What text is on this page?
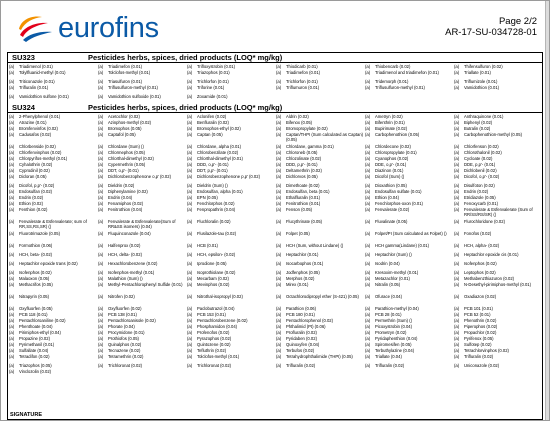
eurofins	Page 2/2
AR-17-SU-034728-01
SU323	Pesticides herbs, spices, dried products (LOQ* mg/kg)
(a)	Triadimenol (0.01)	(a)	Triadimefon (0.01)	(a)	Trifloxystrobin (0.01)	(a)	Thiodicarb (0.01)	(a)	Thiobencarb (0.02)	(a)	Thifensulfuron (0.02)
(a)	Tolylfluanid-methyl (0.01)	(a)	Tolclofos-methyl (0.01)	(a)	Triazophos (0.01)	(a)	Triadimefon (0.01)	(a)	Triadimenol and triadimefon (0.01)	(a)	Triallate (0.01)
(a)	Triticonazole (0.01)	(a)	Triasulfuron (0.01)	(a)	Trichlorfon (0.01)	(a)	Trichlorfon (0.01)	(a)	Tridemorph (0.01)	(a)	Triflumizole (0.01)
(a)	Trifluralin (0.01)	(a)	Triflusulfuron-methyl (0.01)	(a)	Triforine (0.01)	(a)	Triflumuron (0.01)	(a)	Triflusulfuron-methyl (0.01)	(a)	Vamidothion (0.01)
(a)	Vamidothion sulfone (0.01)	(a)	Vamidothion sulfoxide (0.01)	(a)	Zoxamide (0.01)
SU324	Pesticides herbs, spices, dried products (LOQ* mg/kg)
(a)	2-Phenylphenol (0.01)	(a)	Acetochlor (0.02)	(a)	Aclonifen (0.02)	(a)	Aldrin (0.02)	(a)	Ametryn (0.02)	(a)	Anthraquinone (0.01)
(a)	Atrazine (0.01)	(a)	Azinphos-methyl (0.02)	(a)	Benfluralin (0.02)	(a)	Bifenox (0.05)	(a)	Bifenthrin (0.01)	(a)	Biphenyl (0.02)
(a)	Bromfenvinfos (0.02)	(a)	Bromophos (0.05)	(a)	Bromophos-ethyl (0.02)	(a)	Bromopropylate (0.02)	(a)	Bupirimate (0.02)	(a)	Butralin (0.02)
(a)	Cadusafos (0.02)	(a)	Captafol (0.05)	(a)	Captan (0.05)	(a)	Captan/THPI (Sum calculated as Captan) (0.05)
(a)	Carbophenothion (0.05)	(a)	Carbophenothion-methyl (0.05)
(a)	Chlorbenside (0.02)	(a)	Chlordane (Sum) ()	(a)	Chlordane, alpha (0.01)	(a)	Chlordane, gamma (0.01)	(a)	Chlordecone (0.02)	(a)	Chlorfenson (0.02)
(a)	Chlorfenvinphos (0.02)	(a)	Chlormephos (0.05)	(a)	Chlorobenzilate (0.02)	(a)	Chloroneb (0.05)	(a)	Chloropropylate (0.01)	(a)	Chlorothalonil (0.02)
(a)	Chlorpyrifos-methyl (0.01)	(a)	Chlorthal-dimethyl (0.02)	(a)	Chlorthal-dimethyl (0.01)	(a)	Chlozolinate (0.02)	(a)	Cyanophos (0.02)	(a)	Cycloate (0.02)
(a)	Cyhalothrin (0.02)	(a)	Cypermethrin (0.05)	(a)	DDD, o,p'- (0.01)	(a)	DDD, p,p'- (0.01)	(a)	DDE, o,p'- (0.01)	(a)	DDE, p,p'- (0.01)
(a)	Cyprodinil (0.02)	(a)	DDT, o,p'- (0.01)	(a)	DDT, p,p'- (0.01)	(a)	Deltamethrin (0.02)	(a)	Diazinon (0.01)	(a)	Dichlobenil (0.02)
(a)	Dicloran (0.05)	(a)	Dichlorobenzophenone o,p' (0.02)	(a)	Dichlorobenzophenone p,p' (0.02)	(a)	Dichlorvos (0.05)	(a)	Dicofol (Sum) ()	(a)	Dicofol, o,p'- (0.02)
(a)	Dicofol, p,p'- (0.02)	(a)	Dieldrin (0.02)	(a)	Dieldrin (Sum) ()	(a)	Dimethoate (0.02)	(a)	Dioxathion (0.05)	(a)	Disulfoton (0.02)
(a)	Endosulfan (0.02)	(a)	Diphenylamine (0.02)	(a)	Endosulfan, alpha (0.01)	(a)	Endosulfan, beta (0.01)	(a)	Endosulfan sulfate (0.01)	(a)	Endrin (0.02)
(a)	Endrin (0.02)	(a)	Endrin (0.04)	(a)	EPN (0.05)	(a)	Ethalfluralin (0.01)	(a)	Ethion (0.04)	(a)	Etridiazole (0.05)
(a)	Ethion (0.02)	(a)	Fenamiphos (0.02)	(a)	Fenchlorphos (0.02)	(a)	Fenitrothion (0.01)	(a)	Fenchlorphos-oxon (0.01)	(a)	Fenoxycarb (0.01)
(a)	Fenthion (0.02)	(a)	Fenitrothion (0.04)	(a)	Fenpropathrin (0.04)	(a)	Fenson (0.05)	(a)	Fenvalerate (0.02)	(a)	Fenvalerate & Esfenvalerate (Sum of RR/SS/RS/SR) ()
(a)	Fenvalerate & Esfenvalerate; sum of RR,SS,RS,SR) ()
(a)	Fenvalerate & Esfenvalerate(Sum of RR&SS isomers) (0.04)
(a)	Fluchloralin (0.02)	(a)	Flucythrinate (0.05)	(a)	Fluvalinate (0.05)	(a)	Flurochloridone (0.02)
(a)	Fluorotrimazole (0.05)	(a)	Fluquinconazole (0.04)	(a)	Flusilazole-tau (0.02)	(a)	Folpet (0.05)	(a)	Folpet/PI (Sum calculated as Folpet) ()	(a)	Fonofos (0.02)
(a)	Formothion (0.06)	(a)	Halfenprox (0.02)	(a)	HCB (0.01)	(a)	HCH (Sum, without Lindane) ()	(a)	HCH gamma(Lindane) (0.01)	(a)	HCH, alpha- (0.02)
(a)	HCH, beta- (0.02)	(a)	HCH, delta- (0.02)	(a)	HCH, epsilon- (0.02)	(a)	Heptachlor (0.01)	(a)	Heptachlor (Sum) ()	(a)	Heptachlor epoxide cis (0.01)
(a)	Heptachlor epoxide trans (0.02)	(a)	Hexachlorobenzene (0.02)	(a)	Iprodione (0.05)	(a)	Isocarbophos (0.01)	(a)	Isodrin (0.04)	(a)	Isofenphos (0.02)
(a)	Isofenphos (0.02)	(a)	Isofenphos-methyl (0.01)	(a)	Isoprothiolane (0.02)	(a)	Jodfenphos (0.05)	(a)	Kresoxim-methyl (0.01)	(a)	Leptophos (0.02)
(a)	Malaoxon (0.05)	(a)	Malathion (Sum) ()	(a)	Mecarbam (0.02)	(a)	Merphos (0.02)	(a)	Metazachlor (0.01)	(a)	Methabenzthiazuron (0.02)
(a)	Methacrifos (0.05)	(a)	Methyl-Pentachlorophenyl Sulfide (0.01)	(a)	Mevinphos (0.02)	(a)	Mirex (0.01)	(a)	Nitralin (0.05)	(a)	N-Desethyl-pirimiphos-methyl (0.01)
(a)	Nitrapyrin (0.05)	(a)	Nitrofen (0.02)	(a)	Nitrothal-isopropyl (0.02)	(a)	Octachlorodipropyl ether (S-421) (0.05)	(a)	Ofurace (0.04)	(a)	Oxadiazon (0.02)
(a)	Oxyfluorfen (0.05)	(a)	Oxyfluorfen (0.02)	(a)	Paclobutrazol (0.04)	(a)	Parathion (0.06)	(a)	Parathion-methyl (0.04)	(a)	PCB 101 (0.01)
(a)	PCB 118 (0.01)	(a)	PCB 138 (0.01)	(a)	PCB 153 (0.01)	(a)	PCB 180 (0.01)	(a)	PCB 28 (0.01)	(a)	PCB 52 (0.01)
(a)	Pentachloroaniline (0.02)	(a)	Pentachloroanisole (0.02)	(a)	Pentachlorobenzene (0.02)	(a)	Pentachlorophenol (0.02)	(a)	Permethrin (Sum) ()	(a)	Phenothrin (0.02)
(a)	Phenthoate (0.04)	(a)	Phorate (0.04)	(a)	Phosphamidon (0.04)	(a)	Phthalimid (Pt) (0.06)	(a)	Picoxystrobin (0.04)	(a)	Piperophos (0.02)
(a)	Pirimiphos-ethyl (0.04)	(a)	Procymidone (0.01)	(a)	Profenofos (0.02)	(a)	Profluralin (0.02)	(a)	Prometryn (0.02)	(a)	Propachlor (0.02)
(a)	Propazine (0.02)	(a)	Prothiofos (0.05)	(a)	Pyrazophos (0.02)	(a)	Pyridaben (0.02)	(a)	Pyridaphenthion (0.04)	(a)	Pyrifenox (0.05)
(a)	Pyrimethanil (0.01)	(a)	Quinalphos (0.02)	(a)	Quintozene (0.02)	(a)	Quinoxyfen (0.04)	(a)	Spiromesifen (0.05)	(a)	Sulfotep (0.02)
(a)	Sulfallate (0.04)	(a)	Tecnazene (0.02)	(a)	Tefluthrin (0.02)	(a)	Terbufos (0.02)	(a)	Terbuthylazine (0.04)	(a)	Tetrachlorvinphos (0.02)
(a)	Tetradifon (0.02)	(a)	Tetramethrin (0.02)	(a)	Tolclofos-methyl (0.01)	(a)	Tetrahydrophthalimide (THPI) (0.05)	(a)	Triallate (0.04)	(a)	Trifluralin (0.02)
(a)	Triazophos (0.05)	(a)	Trichloronat (0.02)	(a)	Trichloronat (0.02)	(a)	Trifluralin (0.02)	(a)	Trifluralin (0.02)	(a)	Uniconazole (0.02)
(a)	Vinclozolin (0.02)
SIGNATURE
